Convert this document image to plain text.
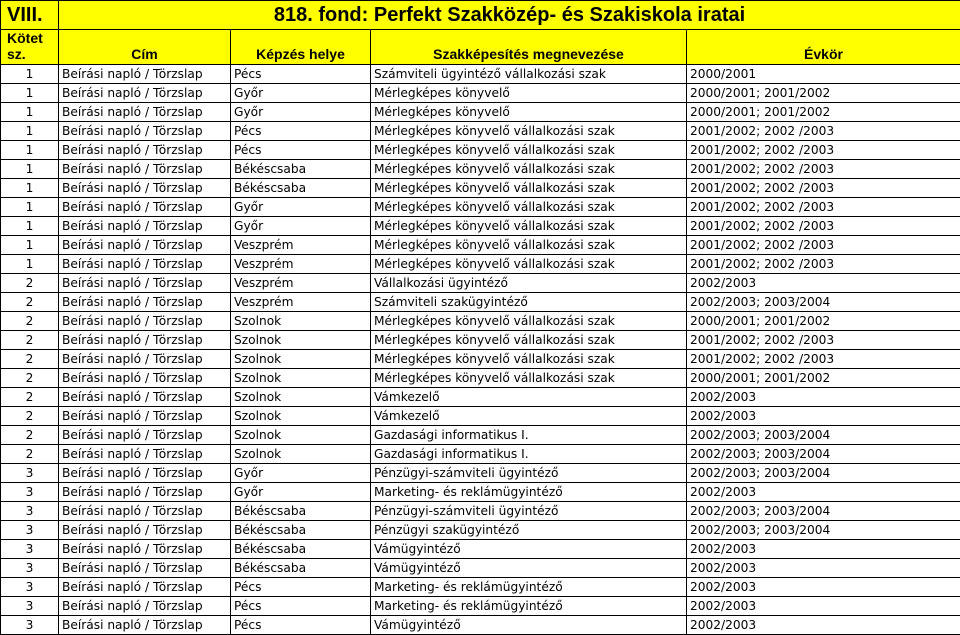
VIII.	818. fond: Perfekt Szakközép- és Szakiskola iratai			
Kötet sz.	Cím	Képzés helye	Szakképesítés megnevezése	Évkör
1	Beírási napló / Törzslap	Pécs	Számviteli ügyintéző vállalkozási szak	2000/2001
1	Beírási napló / Törzslap	Győr	Mérlegképes könyvelő	2000/2001; 2001/2002
1	Beírási napló / Törzslap	Győr	Mérlegképes könyvelő	2000/2001; 2001/2002
1	Beírási napló / Törzslap	Pécs	Mérlegképes könyvelő vállalkozási szak	2001/2002; 2002 /2003
1	Beírási napló / Törzslap	Pécs	Mérlegképes könyvelő vállalkozási szak	2001/2002; 2002 /2003
1	Beírási napló / Törzslap	Békéscsaba	Mérlegképes könyvelő vállalkozási szak	2001/2002; 2002 /2003
1	Beírási napló / Törzslap	Békéscsaba	Mérlegképes könyvelő vállalkozási szak	2001/2002; 2002 /2003
1	Beírási napló / Törzslap	Győr	Mérlegképes könyvelő vállalkozási szak	2001/2002; 2002 /2003
1	Beírási napló / Törzslap	Győr	Mérlegképes könyvelő vállalkozási szak	2001/2002; 2002 /2003
1	Beírási napló / Törzslap	Veszprém	Mérlegképes könyvelő vállalkozási szak	2001/2002; 2002 /2003
1	Beírási napló / Törzslap	Veszprém	Mérlegképes könyvelő vállalkozási szak	2001/2002; 2002 /2003
2	Beírási napló / Törzslap	Veszprém	Vállalkozási ügyintéző	2002/2003
2	Beírási napló / Törzslap	Veszprém	Számviteli szakügyintéző	2002/2003; 2003/2004
2	Beírási napló / Törzslap	Szolnok	Mérlegképes könyvelő vállalkozási szak	2000/2001; 2001/2002
2	Beírási napló / Törzslap	Szolnok	Mérlegképes könyvelő vállalkozási szak	2001/2002; 2002 /2003
2	Beírási napló / Törzslap	Szolnok	Mérlegképes könyvelő vállalkozási szak	2001/2002; 2002 /2003
2	Beírási napló / Törzslap	Szolnok	Mérlegképes könyvelő vállalkozási szak	2000/2001; 2001/2002
2	Beírási napló / Törzslap	Szolnok	Vámkezelő	2002/2003
2	Beírási napló / Törzslap	Szolnok	Vámkezelő	2002/2003
2	Beírási napló / Törzslap	Szolnok	Gazdasági informatikus I.	2002/2003; 2003/2004
2	Beírási napló / Törzslap	Szolnok	Gazdasági informatikus I.	2002/2003; 2003/2004
3	Beírási napló / Törzslap	Győr	Pénzügyi-számviteli ügyintéző	2002/2003; 2003/2004
3	Beírási napló / Törzslap	Győr	Marketing- és reklámügyintéző	2002/2003
3	Beírási napló / Törzslap	Békéscsaba	Pénzügyi-számviteli ügyintéző	2002/2003; 2003/2004
3	Beírási napló / Törzslap	Békéscsaba	Pénzügyi szakügyintéző	2002/2003; 2003/2004
3	Beírási napló / Törzslap	Békéscsaba	Vámügyintéző	2002/2003
3	Beírási napló / Törzslap	Békéscsaba	Vámügyintéző	2002/2003
3	Beírási napló / Törzslap	Pécs	Marketing- és reklámügyintéző	2002/2003
3	Beírási napló / Törzslap	Pécs	Marketing- és reklámügyintéző	2002/2003
3	Beírási napló / Törzslap	Pécs	Vámügyintéző	2002/2003
